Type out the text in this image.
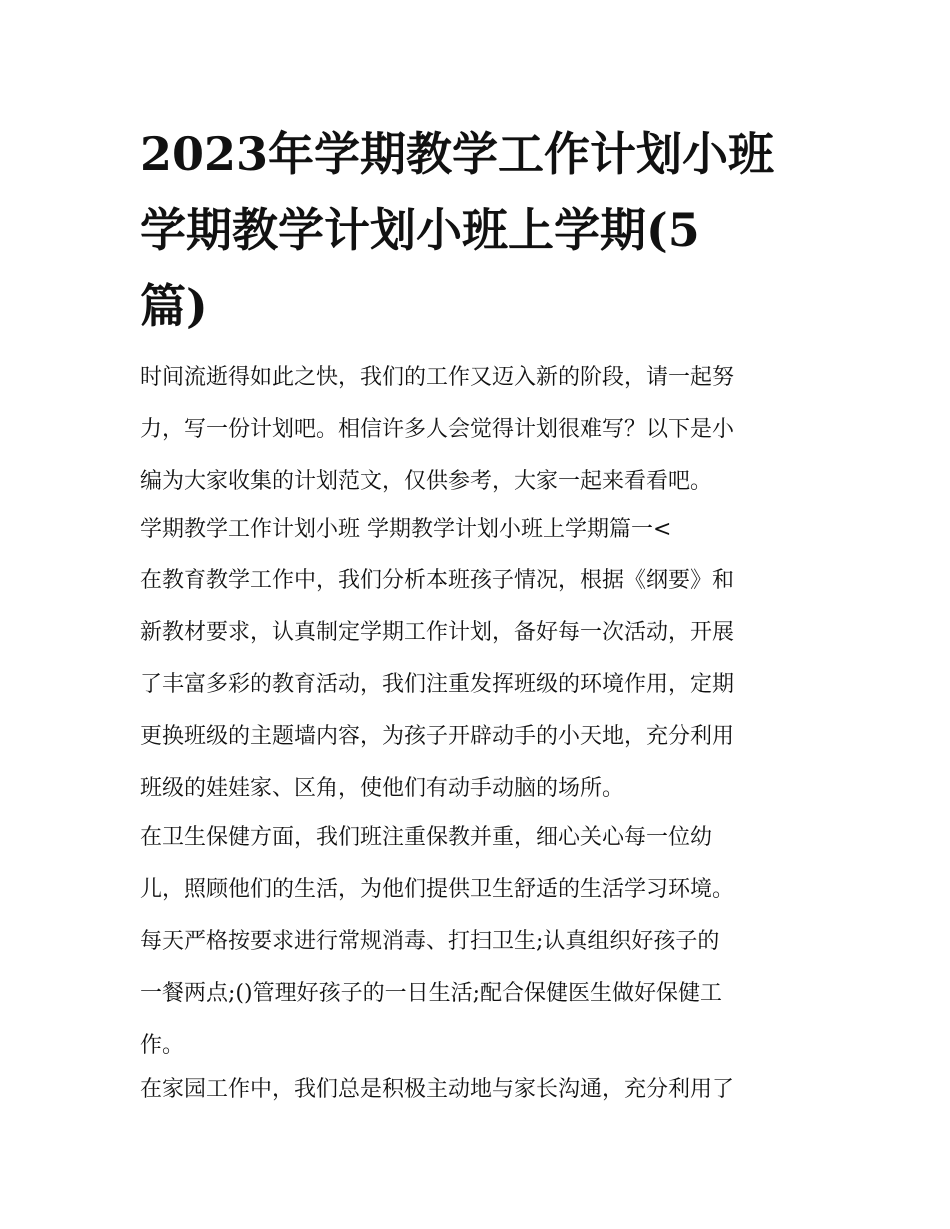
2023年学期教学工作计划小班
学期教学计划小班上学期(5
篇)
时间流逝得如此之快，我们的工作又迈入新的阶段，请一起努
力，写一份计划吧。相信许多人会觉得计划很难写？以下是小
编为大家收集的计划范文，仅供参考，大家一起来看看吧。
学期教学工作计划小班 学期教学计划小班上学期篇一<
在教育教学工作中，我们分析本班孩子情况，根据《纲要》和
新教材要求，认真制定学期工作计划，备好每一次活动，开展
了丰富多彩的教育活动，我们注重发挥班级的环境作用，定期
更换班级的主题墙内容，为孩子开辟动手的小天地，充分利用
班级的娃娃家、区角，使他们有动手动脑的场所。
在卫生保健方面，我们班注重保教并重，细心关心每一位幼
儿，照顾他们的生活，为他们提供卫生舒适的生活学习环境。
每天严格按要求进行常规消毒、打扫卫生;认真组织好孩子的
一餐两点;()管理好孩子的一日生活;配合保健医生做好保健工
作。
在家园工作中，我们总是积极主动地与家长沟通，充分利用了
